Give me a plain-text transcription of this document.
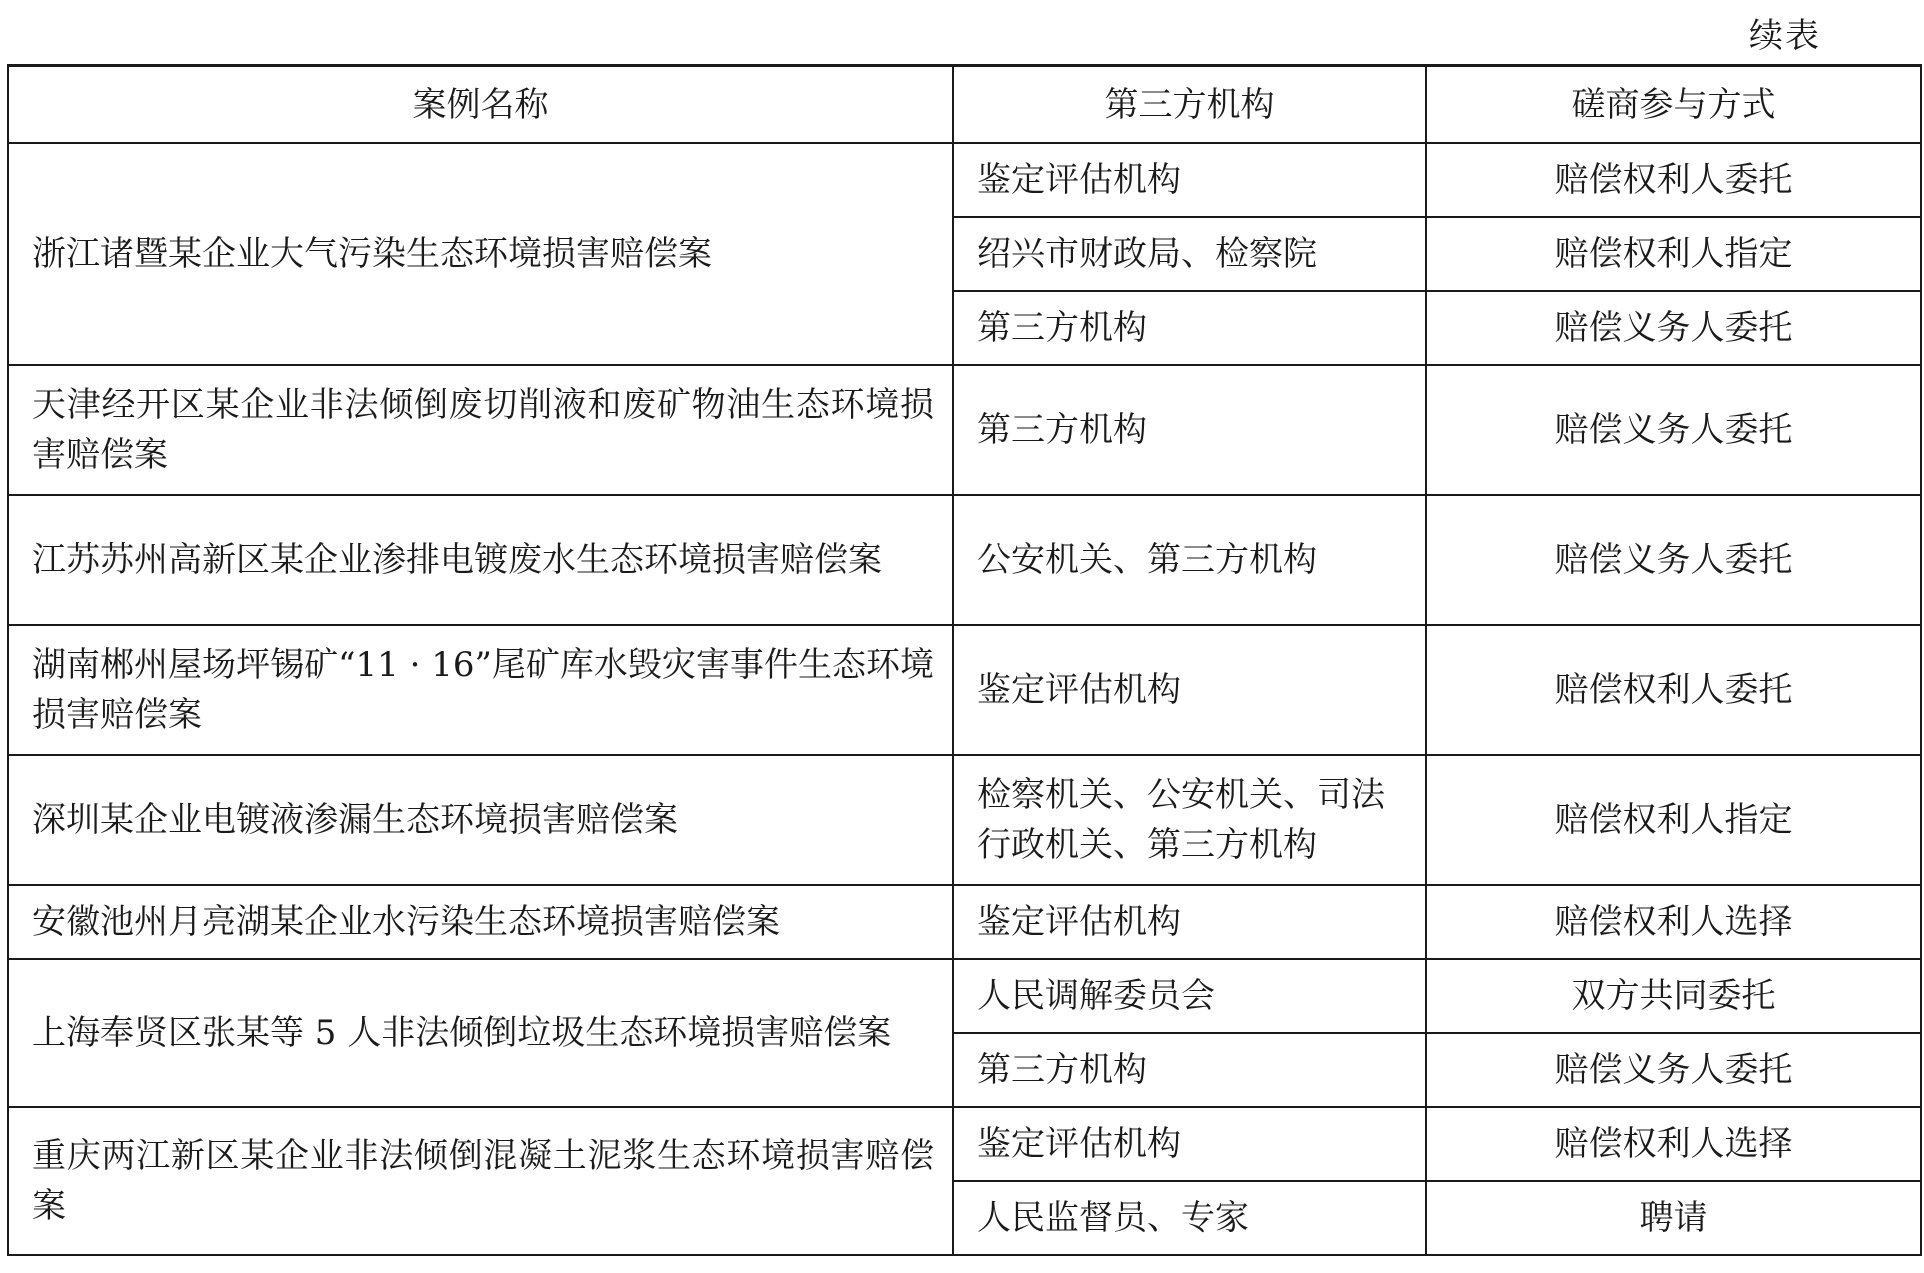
续表
案例名称	第三方机构	磋商参与方式
浙江诸暨某企业大气污染生态环境损害赔偿案	鉴定评估机构	赔偿权利人委托
	绍兴市财政局、检察院	赔偿权利人指定
	第三方机构	赔偿义务人委托
天津经开区某企业非法倾倒废切削液和废矿物油生态环境损害赔偿案	第三方机构	赔偿义务人委托
江苏苏州高新区某企业渗排电镀废水生态环境损害赔偿案	公安机关、第三方机构	赔偿义务人委托
湖南郴州屋场坪锡矿“11 · 16”尾矿库水毁灾害事件生态环境损害赔偿案	鉴定评估机构	赔偿权利人委托
深圳某企业电镀液渗漏生态环境损害赔偿案	检察机关、公安机关、司法行政机关、第三方机构	赔偿权利人指定
安徽池州月亮湖某企业水污染生态环境损害赔偿案	鉴定评估机构	赔偿权利人选择
上海奉贤区张某等 5 人非法倾倒垃圾生态环境损害赔偿案	人民调解委员会	双方共同委托
	第三方机构	赔偿义务人委托
重庆两江新区某企业非法倾倒混凝土泥浆生态环境损害赔偿案	鉴定评估机构	赔偿权利人选择
	人民监督员、专家	聘请
